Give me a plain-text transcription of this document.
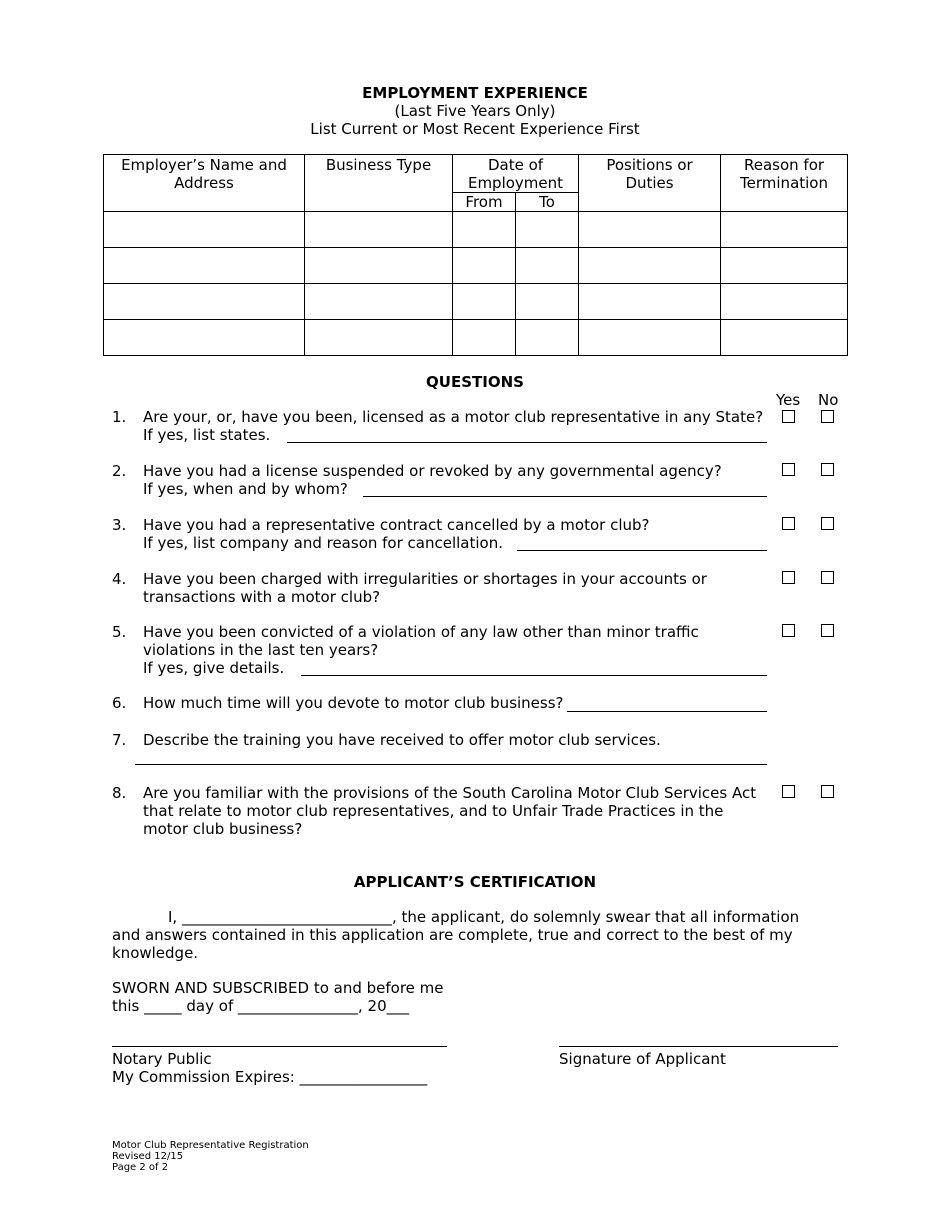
EMPLOYMENT EXPERIENCE
(Last Five Years Only)
List Current or Most Recent Experience First
Employer’s Name and Address	Business Type	Date of Employment		Positions or Duties	Reason for Termination
		From	To		

QUESTIONS
Yes No
1. Are your, or, have you been, licensed as a motor club representative in any State?
If yes, list states.
2. Have you had a license suspended or revoked by any governmental agency?
If yes, when and by whom?
3. Have you had a representative contract cancelled by a motor club?
If yes, list company and reason for cancellation.
4. Have you been charged with irregularities or shortages in your accounts or
transactions with a motor club?
5. Have you been convicted of a violation of any law other than minor traffic
violations in the last ten years?
If yes, give details.
6. How much time will you devote to motor club business?
7. Describe the training you have received to offer motor club services.
8. Are you familiar with the provisions of the South Carolina Motor Club Services Act
that relate to motor club representatives, and to Unfair Trade Practices in the
motor club business?
APPLICANT’S CERTIFICATION
I, ____________________________, the applicant, do solemnly swear that all information
and answers contained in this application are complete, true and correct to the best of my
knowledge.
SWORN AND SUBSCRIBED to and before me
this _____ day of ________________, 20___
Notary Public
My Commission Expires: _________________
Signature of Applicant
Motor Club Representative Registration
Revised 12/15
Page 2 of 2
